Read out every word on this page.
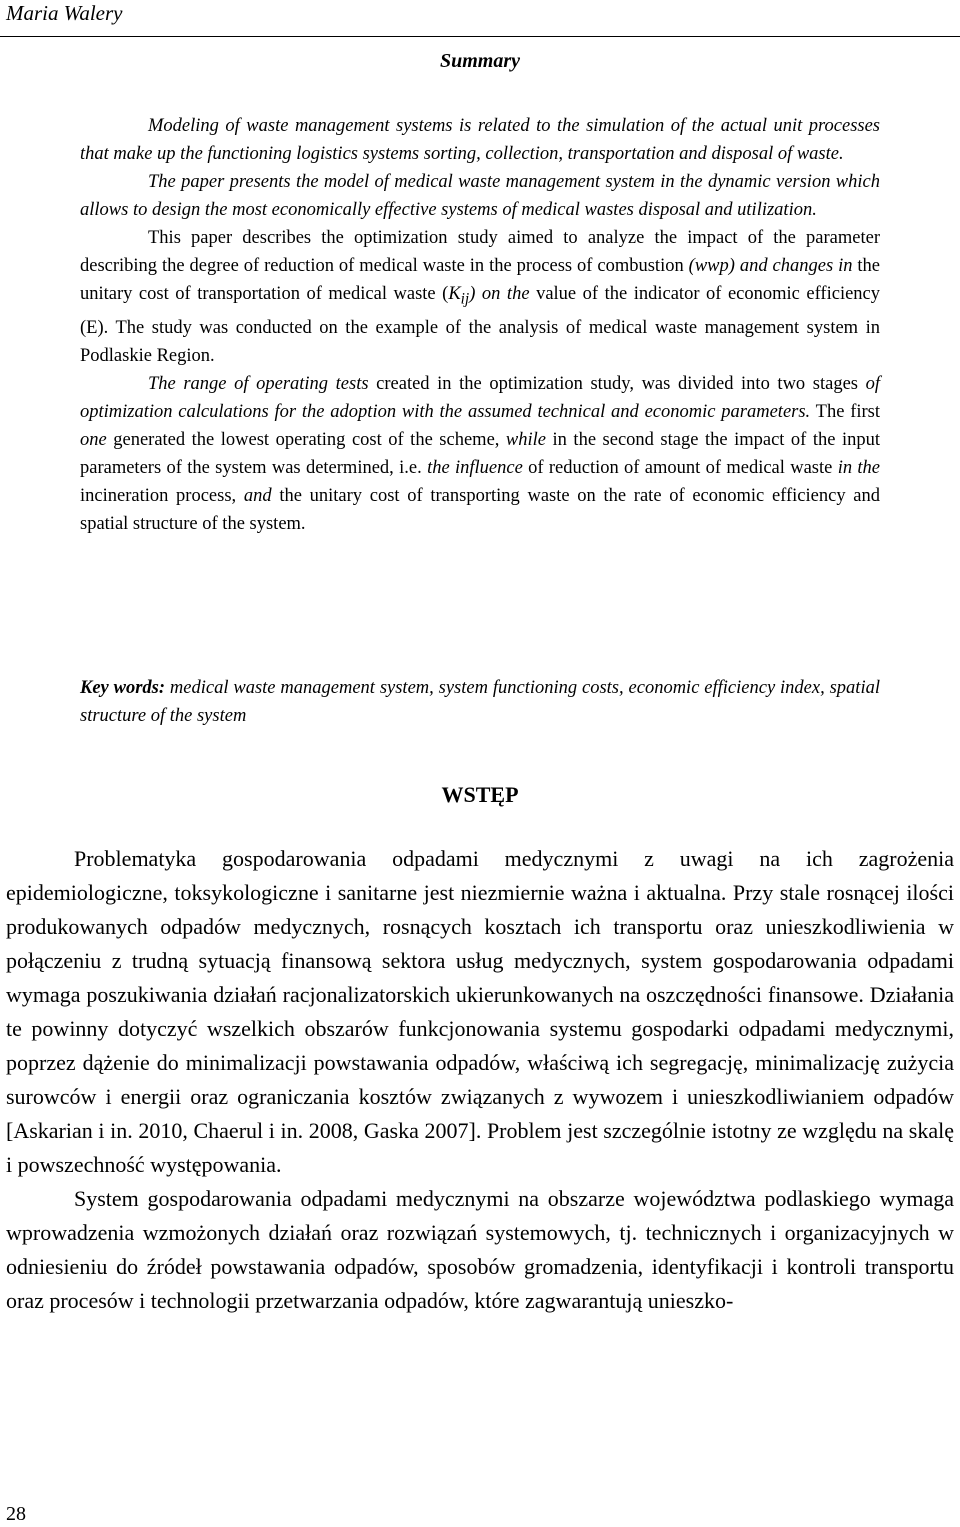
Maria Walery
Summary

Modeling of waste management systems is related to the simulation of the actual unit processes that make up the functioning logistics systems sorting, collection, transportation and disposal of waste.

The paper presents the model of medical waste management system in the dynamic version which allows to design the most economically effective systems of medical wastes disposal and utilization.

This paper describes the optimization study aimed to analyze the impact of the parameter describing the degree of reduction of medical waste in the process of combustion (wwp) and changes in the unitary cost of transportation of medical waste $(K_{ij})$ on the value of the indicator of economic efficiency (E). The study was conducted on the example of the analysis of medical waste management system in Podlaskie Region.

The range of operating tests created in the optimization study, was divided into two stages of optimization calculations for the adoption with the assumed technical and economic parameters. The first one generated the lowest operating cost of the scheme, while in the second stage the impact of the input parameters of the system was determined, i.e. the influence of reduction of amount of medical waste in the incineration process, and the unitary cost of transporting waste on the rate of economic efficiency and spatial structure of the system.

Key words: medical waste management system, system functioning costs, economic efficiency index, spatial structure of the system
WSTĘP

Problematyka gospodarowania odpadami medycznymi z uwagi na ich zagrożenia epidemiologiczne, toksykologiczne i sanitarne jest niezmiernie ważna i aktualna. Przy stale rosnącej ilości produkowanych odpadów medycznych, rosnących kosztach ich transportu oraz unieszkodliwienia w połączeniu z trudną sytuacją finansową sektora usług medycznych, system gospodarowania odpadami wymaga poszukiwania działań racjonalizatorskich ukierunkowanych na oszczędności finansowe. Działania te powinny dotyczyć wszelkich obszarów funkcjonowania systemu gospodarki odpadami medycznymi, poprzez dążenie do minimalizacji powstawania odpadów, właściwą ich segregację, minimalizację zużycia surowców i energii oraz ograniczania kosztów związanych z wywozem i unieszkodliwianiem odpadów [Askarian i in. 2010, Chaerul i in. 2008, Gaska 2007]. Problem jest szczególnie istotny ze względu na skalę i powszechność występowania.

System gospodarowania odpadami medycznymi na obszarze województwa podlaskiego wymaga wprowadzenia wzmożonych działań oraz rozwiązań systemowych, tj. technicznych i organizacyjnych w odniesieniu do źródeł powstawania odpadów, sposobów gromadzenia, identyfikacji i kontroli transportu oraz procesów i technologii przetwarzania odpadów, które zagwarantują unieszko-

28
